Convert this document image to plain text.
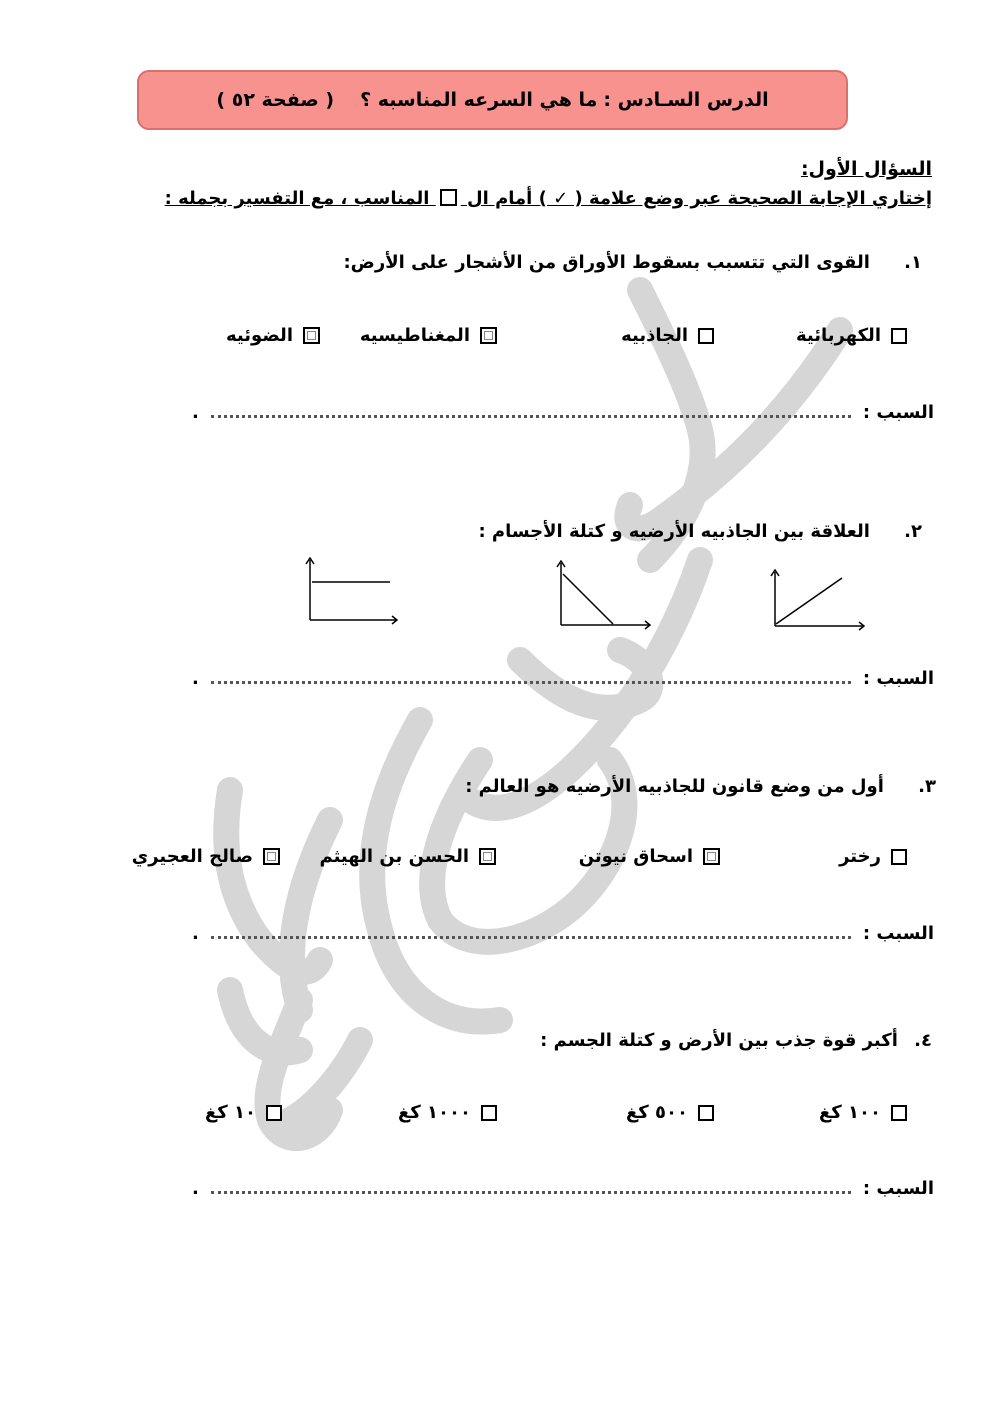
الدرس السـادس :
ما هي السرعه المناسبه ؟
( صفحة ٥٢ )
السؤال الأول:
إختاري الإجابة الصحيحة عبر وضع علامة ( ✓ ) أمام ال  المناسب ، مع التفسير بجمله :
١. القوى التي تتسبب بسقوط الأوراق من الأشجار على الأرض:
الكهربائية
الجاذبيه
المغناطيسيه
الضوئيه
السبب :
.
٢. العلاقة بين الجاذبيه الأرضيه و كتلة الأجسام :

السبب :
.
٣. أول من وضع قانون للجاذبيه الأرضيه هو العالم :
رختر
اسحاق نيوتن
الحسن بن الهيثم
صالح العجيري
السبب :
.
٤. أكبر قوة جذب بين الأرض و كتلة الجسم :
١٠٠ كغ
٥٠٠ كغ
١٠٠٠ كغ
١٠ كغ
السبب :
.
